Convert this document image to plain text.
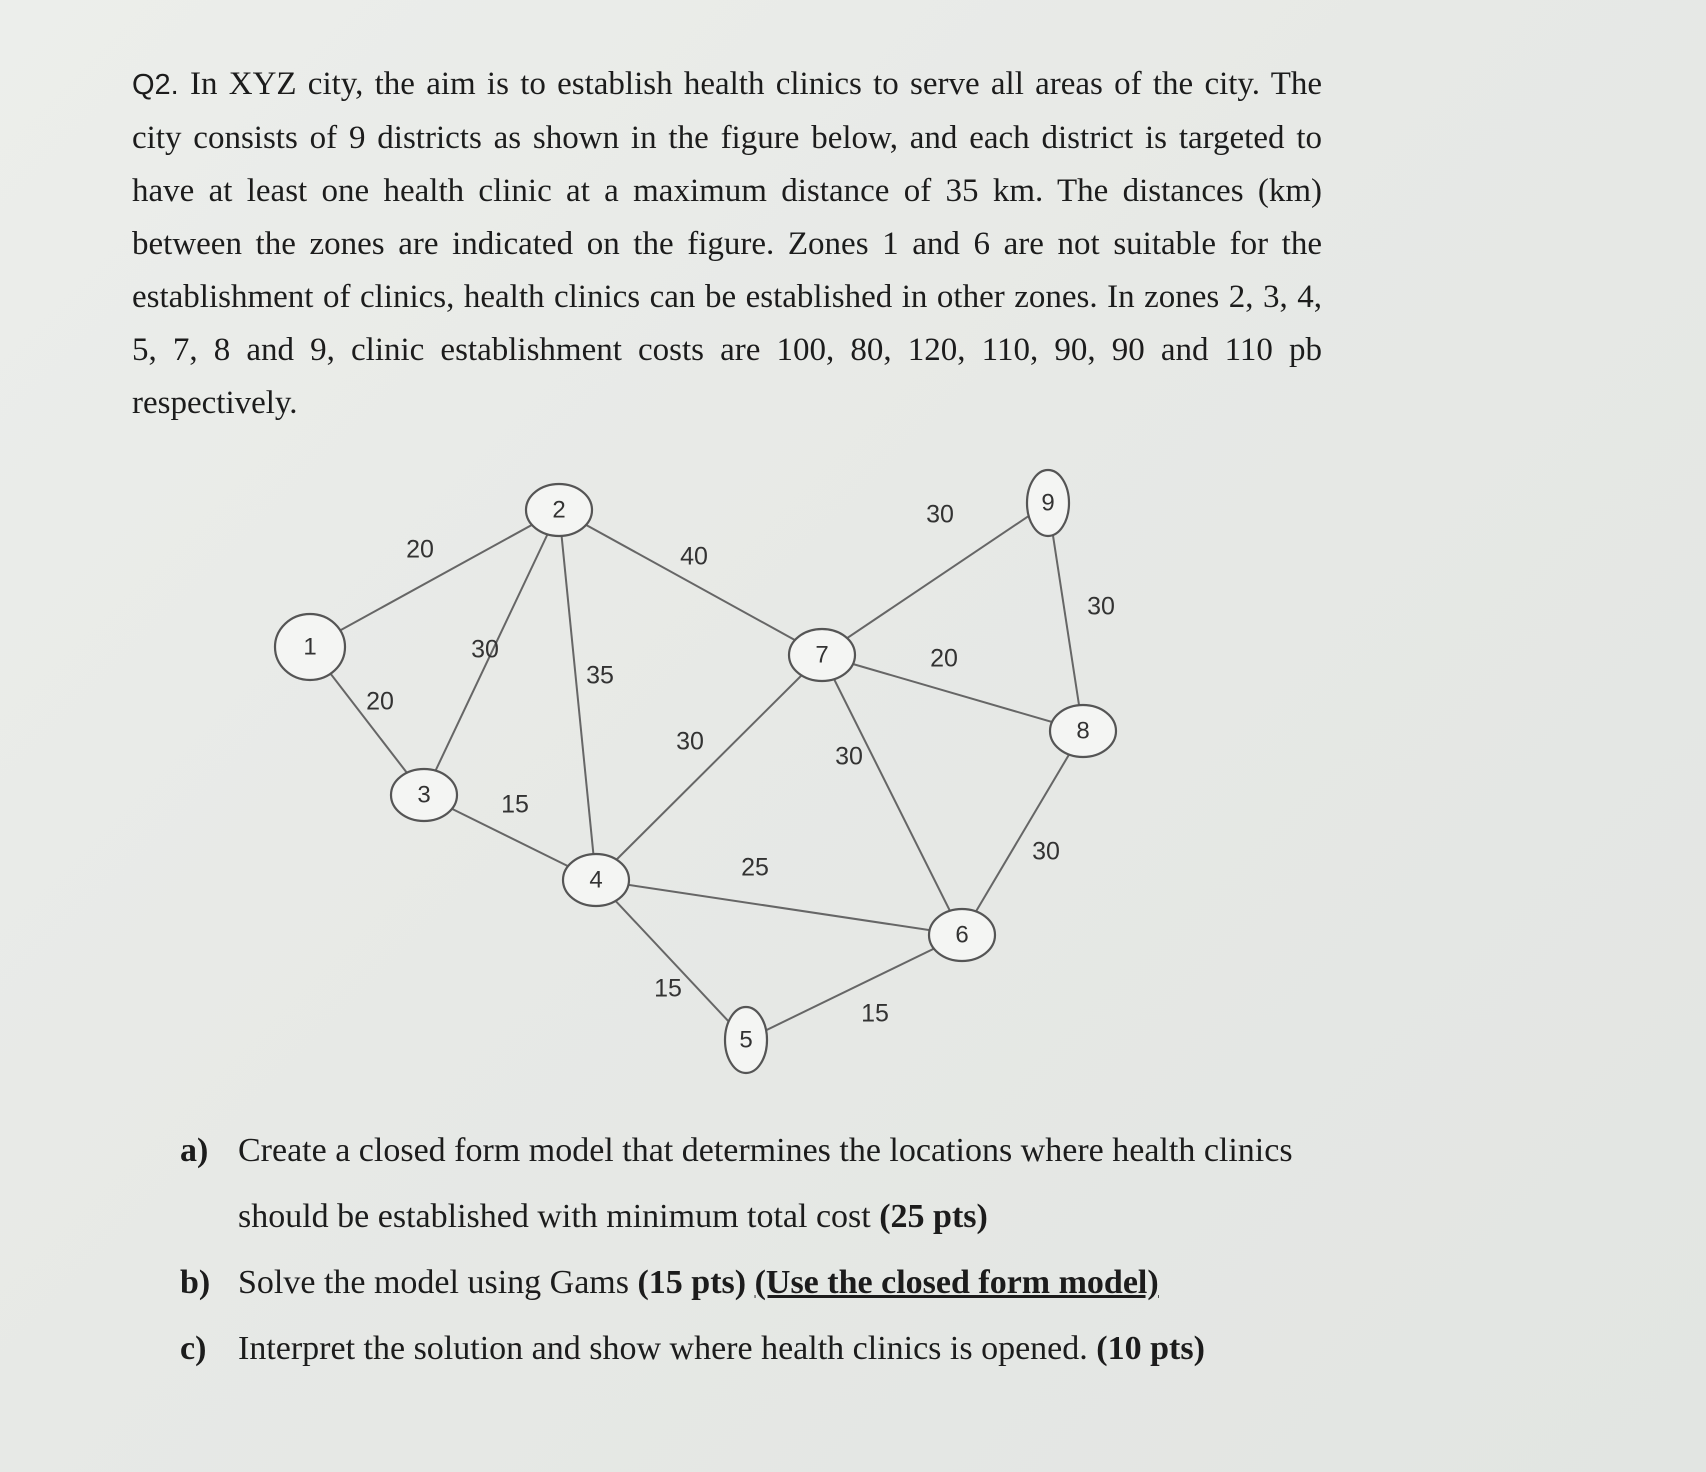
Q2. In XYZ city, the aim is to establish health clinics to serve all areas of the city. The city consists of 9 districts as shown in the figure below, and each district is targeted to have at least one health clinic at a maximum distance of 35 km. The distances (km) between the zones are indicated on the figure. Zones 1 and 6 are not suitable for the establishment of clinics, health clinics can be established in other zones. In zones 2, 3, 4, 5, 7, 8 and 9, clinic establishment costs are 100, 80, 120, 110, 90, 90 and 110 pb respectively.

20
20
30
35
40
15
30
25
15
15
30
20
30
30
30
1
2
3
4
5
6
7
8
9
a) Create a closed form model that determines the locations where health clinics
should be established with minimum total cost (25 pts)
b) Solve the model using Gams (15 pts) (Use the closed form model)
c) Interpret the solution and show where health clinics is opened. (10 pts)
